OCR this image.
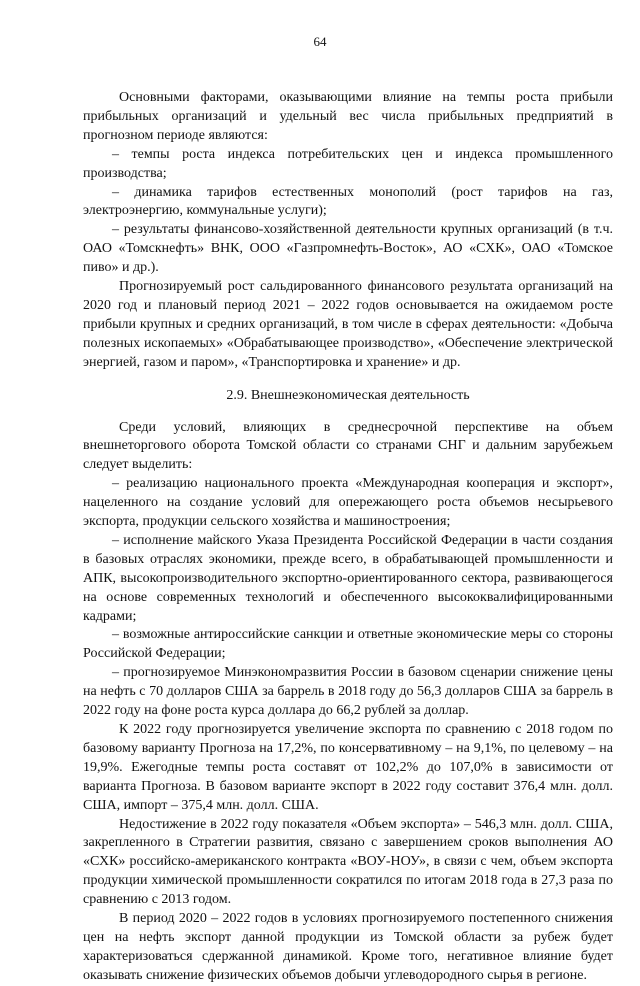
64

Основными факторами, оказывающими влияние на темпы роста прибыли прибыльных организаций и удельный вес числа прибыльных предприятий в прогнозном периоде являются:

– темпы роста индекса потребительских цен и индекса промышленного производства;

– динамика тарифов естественных монополий (рост тарифов на газ, электроэнергию, коммунальные услуги);

– результаты финансово-хозяйственной деятельности крупных организаций (в т.ч. ОАО «Томскнефть» ВНК, ООО «Газпромнефть-Восток», АО «СХК», ОАО «Томское пиво» и др.).

Прогнозируемый рост сальдированного финансового результата организаций на 2020 год и плановый период 2021 – 2022 годов основывается на ожидаемом росте прибыли крупных и средних организаций, в том числе в сферах деятельности: «Добыча полезных ископаемых» «Обрабатывающее производство», «Обеспечение электрической энергией, газом и паром», «Транспортировка и хранение» и др.

2.9. Внешнеэкономическая деятельность

Среди условий, влияющих в среднесрочной перспективе на объем внешнеторгового оборота Томской области со странами СНГ и дальним зарубежьем следует выделить:

– реализацию национального проекта «Международная кооперация и экспорт», нацеленного на создание условий для опережающего роста объемов несырьевого экспорта, продукции сельского хозяйства и машиностроения;

– исполнение майского Указа Президента Российской Федерации в части создания в базовых отраслях экономики, прежде всего, в обрабатывающей промышленности и АПК, высокопроизводительного экспортно-ориентированного сектора, развивающегося на основе современных технологий и обеспеченного высококвалифицированными кадрами;

– возможные антироссийские санкции и ответные экономические меры со стороны Российской Федерации;

– прогнозируемое Минэкономразвития России в базовом сценарии снижение цены на нефть с 70 долларов США за баррель в 2018 году до 56,3 долларов США за баррель в 2022 году на фоне роста курса доллара до 66,2 рублей за доллар.

К 2022 году прогнозируется увеличение экспорта по сравнению с 2018 годом по базовому варианту Прогноза на 17,2%, по консервативному – на 9,1%, по целевому – на 19,9%. Ежегодные темпы роста составят от 102,2% до 107,0% в зависимости от варианта Прогноза. В базовом варианте экспорт в 2022 году составит 376,4 млн. долл. США, импорт – 375,4 млн. долл. США.

Недостижение в 2022 году показателя «Объем экспорта» – 546,3 млн. долл. США, закрепленного в Стратегии развития, связано с завершением сроков выполнения АО «СХК» российско-американского контракта «ВОУ-НОУ», в связи с чем, объем экспорта продукции химической промышленности сократился по итогам 2018 года в 27,3 раза по сравнению с 2013 годом.

В период 2020 – 2022 годов в условиях прогнозируемого постепенного снижения цен на нефть экспорт данной продукции из Томской области за рубеж будет характеризоваться сдержанной динамикой. Кроме того, негативное влияние будет оказывать снижение физических объемов добычи углеводородного сырья в регионе.
